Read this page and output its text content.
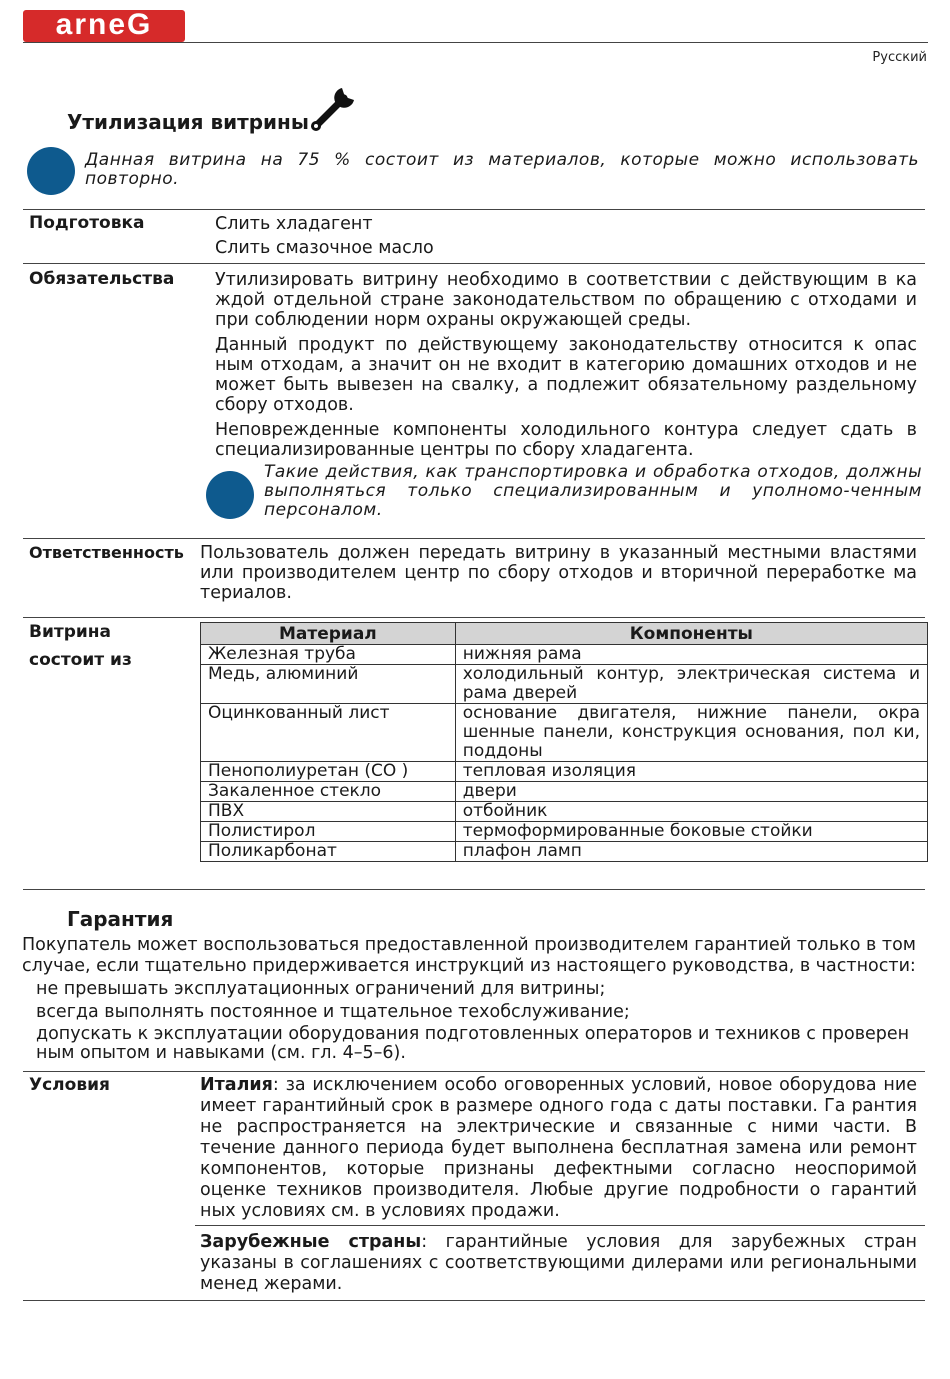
arneG
Русский
Утилизация витрины
Данная витрина на 75 % состоит из материалов, которые можно использовать повторно.
Подготовка	Слить хладагент
Слить смазочное масло
Обязательства Утилизировать витрину необходимо в соответствии с действующим в ка ждой отдельной стране законодательством по обращению с отходами и при соблюдении норм охраны окружающей среды.

Данный продукт по действующему законодательству относится к опас ным отходам, а значит он не входит в категорию домашних отходов и не может быть вывезен на свалку, а подлежит обязательному раздельному сбору отходов.

Неповрежденные компоненты холодильного контура следует сдать в специализированные центры по сбору хладагента.

Такие действия, как транспортировка и обработка отходов, должны выполняться только специализированным и уполномо-ченным персоналом.
Ответственность Пользователь должен передать витрину в указанный местными властями или производителем центр по сбору отходов и вторичной переработке ма териалов.
Витрина
состоит из
Материал	Компоненты
Железная труба	нижняя рама
Медь, алюминий	холодильный контур, электрическая система и рама дверей
Оцинкованный лист	основание двигателя, нижние панели, окра шенные панели, конструкция основания, пол ки, поддоны
Пенополиуретан (CO )	тепловая изоляция
Закаленное стекло	двери
ПВХ	отбойник
Полистирол	термоформированные боковые стойки
Поликарбонат	плафон ламп
Гарантия
Покупатель может воспользоваться предоставленной производителем гарантией только в том случае, если тщательно придерживается инструкций из настоящего руководства, в частности:
не превышать эксплуатационных ограничений для витрины;
всегда выполнять постоянное и тщательное техобслуживание;
допускать к эксплуатации оборудования подготовленных операторов и техников с проверен ным опытом и навыками (см. гл. 4–5–6).
Условия	Италия: за исключением особо оговоренных условий, новое оборудова ние имеет гарантийный срок в размере одного года с даты поставки. Га рантия не распространяется на электрические и связанные с ними части. В течение данного периода будет выполнена бесплатная замена или ремонт компонентов, которые признаны дефектными согласно неоспоримой оценке техников производителя. Любые другие подробности о гарантий ных условиях см. в условиях продажи.
Зарубежные страны: гарантийные условия для зарубежных стран указаны в соглашениях с соответствующими дилерами или региональными менед жерами.
